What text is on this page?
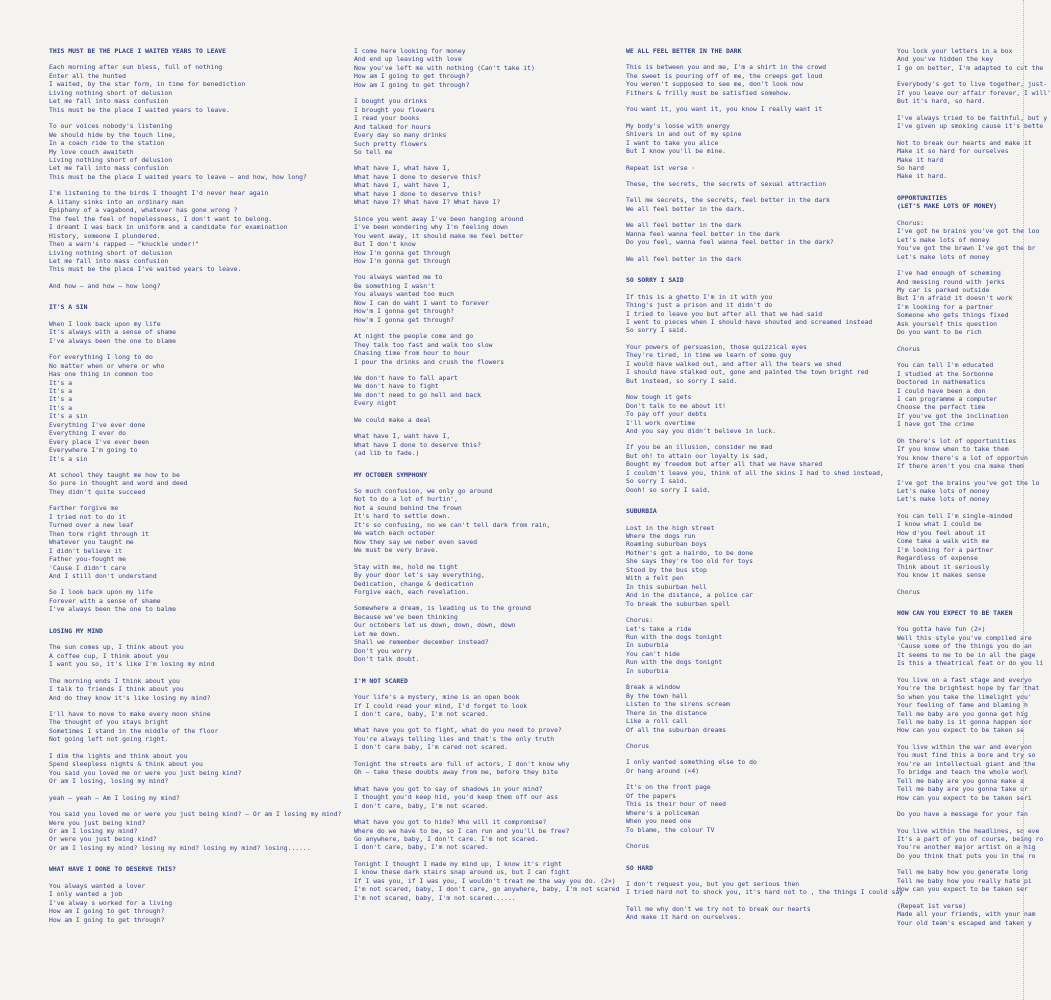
THIS MUST BE THE PLACE I WAITED YEARS TO LEAVE
Each morning after sun bless, full of nothing
Enter all the hunted
I waited, by the star form, in time for benediction
Living nothing short of delusion
Let me fall into mass confusion
This must be the place I waited years to leave.
To our voices nobody's listening
We should hide by the touch line,
In a coach ride to the station
My love couch awaiteth
Living nothing short of delusion
Let me fall into mass confusion
This must be the place I waited years to leave – and how, how long?
I'm listening to the birds I thought I'd never hear again
A litany sinks into an ordinary man
Epiphany of a vagabond, whatever has gone wrong ?
The feel the feel of hopelessness, I don't want to belong.
I dreamt I was back in uniform and a candidate for examination
History, someone I plundered.
Then a warn's rapped – "knuckle under!"
Living nothing short of delusion
Let me fall into mass confusion
This must be the place I've waited years to leave.
And how – and how – how long?
IT'S A SIN
When I look back upon my life
It's always with a sense of shame
I've always been the one to blame
For everything I long to do
No matter when or where or who
Has one thing in common too
It's a
It's a
It's a
It's a
It's a sin
Everything I've ever done
Everything I ever do
Every place I've ever been
Everywhere I'm going to
It's a sin
At school they taught me how to be
So pure in thought and word and deed
They didn't quite succeed
Farther forgive me
I tried not to do it
Turned over a new leaf
Then tore right through it
Whatever you taught me
I didn't believe it
Father you-fought me
'Cause I didn't care
And I still don't understand
So I look back upon my life
Forever with a sense of shame
I've always been the one to balme
LOSING MY MIND
The sun comes up, I think about you
A coffee cup, I think about you
I want you so, it's like I'm losing my mind
The morning ends I think about you
I talk to friends I think about you
And do they know it's like losing my mind?
I'll have to move to make every moon shine
The thought of you stays bright
Sometimes I stand in the middle of the floor
Not going left not going right.
I dim the lights and think about you
Spend sleepless nights & think about you
You said you loved me or were you just being kind?
Or am I losing, losing my mind?
yeah – yeah – Am I losing my mind?
You said you loved me or were you just being kind? – Or am I losing my mind?
Were you just being kind?
Or am I losing my mind?
Or were you just being kind?
Or am I losing my mind? losing my mind? losing my mind? losing......
WHAT HAVE I DONE TO DESERVE THIS?
You always wanted a lover
I only wanted a job
I've alway s worked for a living
How am I going to get through?
How am I going to get through?
I come here looking for money
And end up leaving with love
Now you've left me with nothing (Can't take it)
How am I going to get through?
How am I going to get through?
I bought you drinks
I brought you flowers
I read your books
And talked for hours
Every day so many drinks
Such pretty flowers
So tell me
What have I, what have I,
What have I done to deserve this?
What have I, waht have I,
What have I done to deserve this?
What have I? What have I? What have I?
Since you went away I've been hanging around
I've been wondering why I'm feeling down
You went away, it should make me feel better
But I don't know
How I'm gonna get through
How I'm gonna get through
You always wanted me to
Be something I wasn't
You always wanted too much
Now I can do waht I want to forever
How'm I gonna get through?
How'm I gonna get through?
At night the people come and go
They talk too fast and walk too slow
Chasing time from hour to hour
I pour the drinks and crush the flowers
We don't have to fall apart
We don't have to fight
We don't need to go hell and back
Every night
We could make a deal
What have I, waht have I,
What have I done to deserve this?
(ad lib to fade.)
MY OCTOBER SYMPHONY
So much confusion, we only go around
Not to do a lot of hurtin',
Not a sound behind the frown
It's hard to settle down.
It's so confusing, no we can't tell dark from rain,
We watch each october
Now they say we neber even saved
We must be very brave.
Stay with me, hold me tight
By your door let's say everything,
Dedication, change & dedication
Forgive each, each revelation.
Somewhere a dream, is leading us to the ground
Because we've been thinking
Our octobers let us down, down, down, down
Let me down.
Shall we remember december instead?
Don't you worry
Don't talk doubt.
I'M NOT SCARED
Your life's a mystery, mine is an open book
If I could read your mind, I'd forget to look
I don't care, baby, I'm not scared.
What have you got to fight, what do you need to prove?
You're always telling lies and that's the only truth
I don't care baby, I'm cared not scared.
Tonight the streets are full of actors, I don't know why
Oh – take these doubts away from me, before they bite
What have you got to say of shadows in your mind?
I thought you'd keep hid, you'd keep them off our ass
I don't care, baby, I'm not scared.
What have you got to hide? Who will it compromise?
Where do we have to be, so I can run and you'll be free?
Go anywhere, baby, I don't care. I'm not scared.
I don't care, baby, I'm not scared.
Tonight I thought I made my mind up, I know it's right
I know these dark stairs snap around us, but I can fight
If I was you, if I was you, I wouldn't treat me the way you do. (2×)
I'm not scared, baby, I don't care, go anywhere, baby, I'm not scared
I'm not scared, baby, I'm not scared......
WE ALL FEEL BETTER IN THE DARK
This is between you and me, I'm a shirt in the crowd
The sweet is pouring off of me, the creeps get loud
You weren't supposed to see me, don't look now
Fithers & frilly must be satisfied somehow.
You want it, you want it, you know I really want it
My body's loose with energy
Shivers in and out of my spine
I want to take you alice
But I know you'll be mine.
Repeat 1st verse ·
These, the secrets, the secrets of sexual attraction
Tell me secrets, the secrets, feel better in the dark
We all feel better in the dark.
We all feel better in the dark
Wanna feel wanna feel better in the dark
Do you feel, wanna feel wanna feel better in the dark?
We all feel better in the dark
SO SORRY I SAID
If this is a ghetto I'm in it with you
Thing's just a prison and it didn't do
I tried to leave you but after all that we had said
I went to pieces when I should have shouted and screamed instead
So sorry I said.
Your powers of persuasion, those quizzical eyes
They're tired, in time we learn of some guy
I would have walked out, and after all the tears we shed
I should have stalked out, gone and painted the town bright red
But instead, so sorry I said.
Now tough it gets
Don't talk to me about it!
To pay off your debts
I'll work overtime
And you say you didn't believe in luck.
If you be an illusion, consider me mad
But oh! to attain our loyalty is sad,
Bought my freedom but after all that we have shared
I couldn't leave you, think of all the skins I had to shed instead,
So sorry I said.
Oooh! so sorry I said.
SUBURBIA
Lost in the high street
Where the dogs run
Roaming suburban boys
Mother's got a hairdo, to be done
She says they're too old for toys
Stood by the bus stop
With a felt pen
In this suburban hell
And in the distance, a police car
To break the suburban spell
Chorus:
Let's take a ride
Run with the dogs tonight
In suburbia
You can't hide
Run with the dogs tonight
In suburbia
Break a window
By the town hall
Listen to the sirens scream
There in the distance
Like a roll call
Of all the suburban dreams
Chorus
I only wanted something else to do
Or hang around (×4)
It's on the front page
Of the papers
This is their hour of need
Where's a policeman
When you need one
To blame, the colour TV
Chorus
SO HARD
I don't request you, but you get serious then
I tried hard not to shock you, it's hard not to , the things I could say
Tell me why don't we try not to break our hearts
And make it hard on ourselves.
You lock your letters in a box
And you've hidden the key
I go on better, I'm adapted to cut the
Everybody's got to live together, just-
If you leave our affair forever, I will'
But it's hard, so hard.
I've always tried to be faithful, but y
I've given up smoking cause it's bette
Not to break our hearts and make it
Make it so hard for ourselves
Make it hard
So hard
Make it hard.
OPPORTUNITIES
(LET'S MAKE LOTS OF MONEY)
Chorus:
I've got he brains you've got the loo
Let's make lots of money
You've got the brawn I've got the br
Let's make lots of money
I've had enough of scheming
And messing round with jerks
My car is parked outside
But I'm afraid it doesn't work
I'm looking for a partner
Someone who gets things fixed
Ask yourself this question
Do you want to be rich
Chorus
You can tell I'm educated
I studied at the Sorbonne
Doctored in mathematics
I could have been a don
I can programme a computer
Choose the perfect time
If you've got the inclination
I have got the crime
Oh there's lot of opportunities
If you know when to take them
You know there's a lot of opportun
If there aren't you cna make them
I've got the brains you've got the lo
Let's make lots of money
Let's make lots of money
You can tell I'm single-minded
I know what I could be
How d'you feel about it
Come take a walk with me
I'm looking for a partner
Regardless of expense
Think about it seriously
You know it makes sense
Chorus
HOW CAN YOU EXPECT TO BE TAKEN
You gotta have fun (2×)
Well this style you've compiled are
'Cause some of the things you do an
It seems to me to be in all the page
Is this a theatrical feat or do you li
You live on a fast stage and everyo
You're the brightest hope by far that
So when you take the limelight you'
Your feeling of fame and blaming h
Tell me baby are you gonna get hig
Tell me baby is it gonna happen sor
How can you expect to be taken se
You live within the war and everyon
You must find this a bore and try so
You're an intellectual giant and the
To bridge and teach the whole worl
Tell me baby are you gonna make a
Tell me baby are you gonna take ur
How can you expect to be taken seri
Do you have a message for your fan
You live within the headlines, so eve
It's a part of you of course, being ro
You're another major artist on a hig
Do you think that puts you in the ro
Tell me baby how you generate long
Tell me baby how you really hate pi
How can you expect to be taken ser
(Repeat 1st verse)
Made all your friends, with your nam
Your old team's escaped and taken y
